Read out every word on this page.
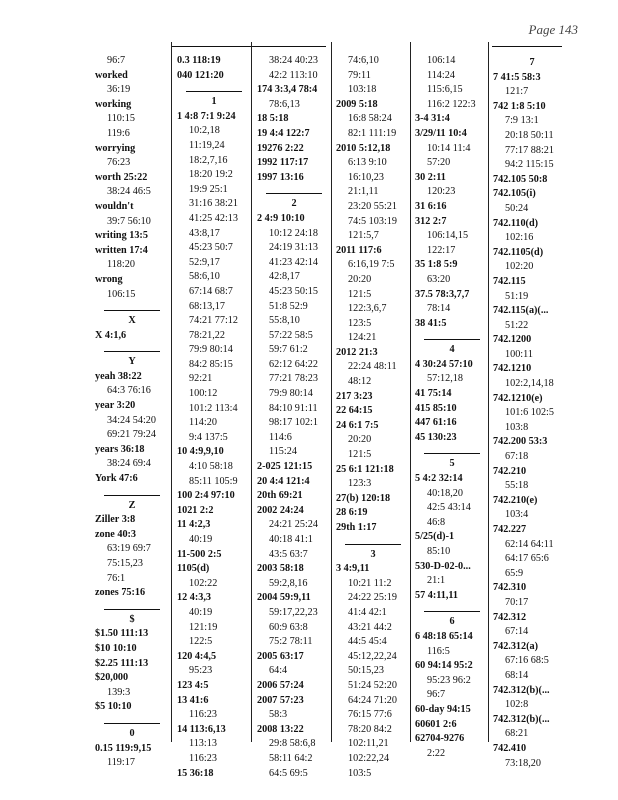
Page 143
96:7
worked
36:19
working
110:15
119:6
worrying
76:23
worth 25:22
38:24 46:5
wouldn't
39:7 56:10
writing 13:5
written 17:4
118:20
wrong
106:15
X
X 4:1,6
Y
yeah 38:22
64:3 76:16
year 3:20
34:24 54:20
69:21 79:24
years 36:18
38:24 69:4
York 47:6
Z
Ziller 3:8
zone 40:3
63:19 69:7
75:15,23
76:1
zones 75:16
$
$1.50 111:13
$10 10:10
$2.25 111:13
$20,000
139:3
$5 10:10
0
0.15 119:9,15
119:17
0.3 118:19
040 121:20
1
1 4:8 7:1 9:24
10:2,18
11:19,24
18:2,7,16
18:20 19:2
19:9 25:1
31:16 38:21
41:25 42:13
43:8,17
45:23 50:7
52:9,17
58:6,10
67:14 68:7
68:13,17
74:21 77:12
78:21,22
79:9 80:14
84:2 85:15
92:21
100:12
101:2 113:4
114:20
9:4 137:5
10 4:9,9,10
4:10 58:18
85:11 105:9
100 2:4 97:10
1021 2:2
11 4:2,3
40:19
11-500 2:5
1105(d)
102:22
12 4:3,3
40:19
121:19
122:5
120 4:4,5
95:23
123 4:5
13 41:6
116:23
14 113:6,13
113:13
116:23
15 36:18
38:24 40:23
42:2 113:10
174 3:3,4 78:4
78:6,13
18 5:18
19 4:4 122:7
19276 2:22
1992 117:17
1997 13:16
2
2 4:9 10:10
10:12 24:18
24:19 31:13
41:23 42:14
42:8,17
45:23 50:15
51:8 52:9
55:8,10
57:22 58:5
59:7 61:2
62:12 64:22
77:21 78:23
79:9 80:14
84:10 91:11
98:17 102:1
114:6
115:24
2-025 121:15
20 4:4 121:4
20th 69:21
2002 24:24
24:21 25:24
40:18 41:1
43:5 63:7
2003 58:18
59:2,8,16
2004 59:9,11
59:17,22,23
60:9 63:8
75:2 78:11
2005 63:17
64:4
2006 57:24
2007 57:23
58:3
2008 13:22
29:8 58:6,8
58:11 64:2
64:5 69:5
74:6,10
79:11
103:18
2009 5:18
16:8 58:24
82:1 111:19
2010 5:12,18
6:13 9:10
16:10,23
21:1,11
23:20 55:21
74:5 103:19
121:5,7
2011 117:6
6:16,19 7:5
20:20
121:5
122:3,6,7
123:5
124:21
2012 21:3
22:24 48:11
48:12
217 3:23
22 64:15
24 6:1 7:5
20:20
121:5
25 6:1 121:18
123:3
27(b) 120:18
28 6:19
29th 1:17
3
3 4:9,11
10:21 11:2
24:22 25:19
41:4 42:1
43:21 44:2
44:5 45:4
45:12,22,24
50:15,23
51:24 52:20
64:24 71:20
76:15 77:6
78:20 84:2
102:11,21
102:22,24
103:5
106:14
114:24
115:6,15
116:2 122:3
3-4 31:4
3/29/11 10:4
10:14 11:4
57:20
30 2:11
120:23
31 6:16
312 2:7
106:14,15
122:17
35 1:8 5:9
63:20
37.5 78:3,7,7
78:14
38 41:5
4
4 30:24 57:10
57:12,18
41 75:14
415 85:10
447 61:16
45 130:23
5
5 4:2 32:14
40:18,20
42:5 43:14
46:8
5/25(d)-1
85:10
530-D-02-0...
21:1
57 4:11,11
6
6 48:18 65:14
116:5
60 94:14 95:2
95:23 96:2
96:7
60-day 94:15
60601 2:6
62704-9276
2:22
7
7 41:5 58:3
121:7
742 1:8 5:10
7:9 13:1
20:18 50:11
77:17 88:21
94:2 115:15
742.105 50:8
742.105(i)
50:24
742.110(d)
102:16
742.1105(d)
102:20
742.115
51:19
742.115(a)(...
51:22
742.1200
100:11
742.1210
102:2,14,18
742.1210(e)
101:6 102:5
103:8
742.200 53:3
67:18
742.210
55:18
742.210(e)
103:4
742.227
62:14 64:11
64:17 65:6
65:9
742.310
70:17
742.312
67:14
742.312(a)
67:16 68:5
68:14
742.312(b)(...
102:8
742.312(b)(...
68:21
742.410
73:18,20
